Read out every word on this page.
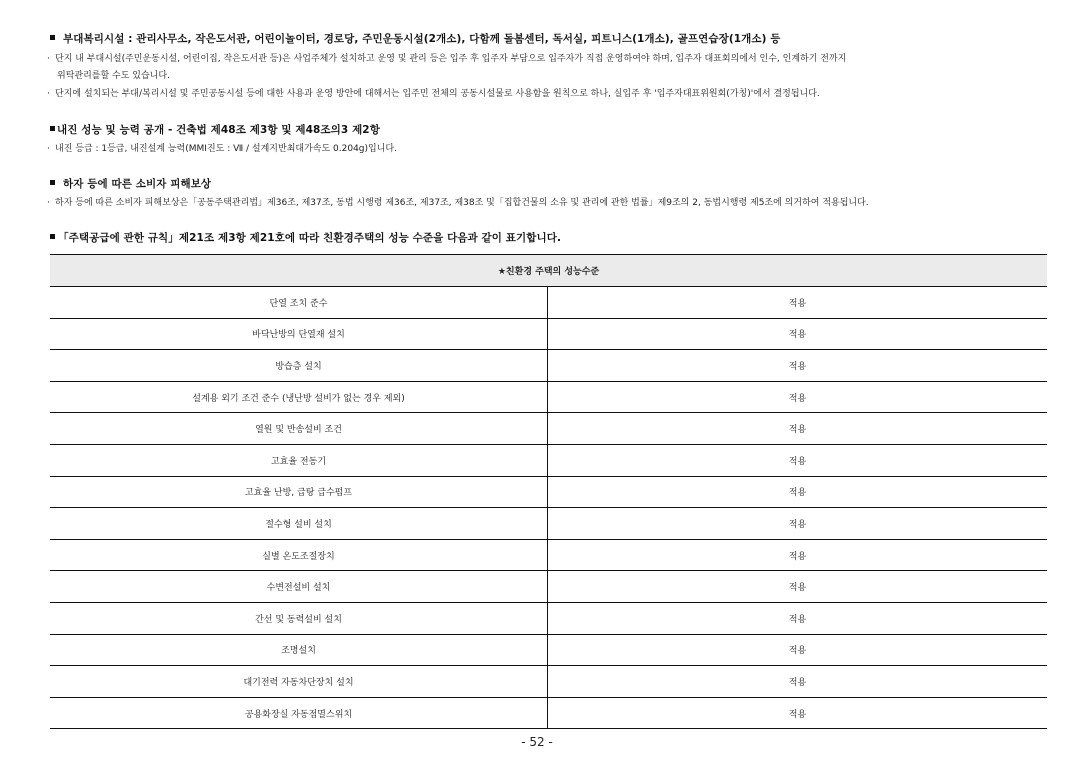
부대복리시설 : 관리사무소, 작은도서관, 어린이놀이터, 경로당, 주민운동시설(2개소), 다함께 돌봄센터, 독서실, 피트니스(1개소), 골프연습장(1개소) 등
· 단지 내 부대시설(주민운동시설, 어린이집, 작은도서관 등)은 사업주체가 설치하고 운영 및 관리 등은 입주 후 입주자 부담으로 입주자가 직접 운영하여야 하며, 입주자 대표회의에서 인수, 인계하기 전까지
위탁관리를할 수도 있습니다.
· 단지에 설치되는 부대/복리시설 및 주민공동시설 등에 대한 사용과 운영 방안에 대해서는 입주민 전체의 공동시설물로 사용함을 원칙으로 하나, 실입주 후 '입주자대표위원회(가칭)'에서 결정됩니다.
내진 성능 및 능력 공개 - 건축법 제48조 제3항 및 제48조의3 제2항
· 내진 등급 : 1등급, 내진설계 능력(MMI진도 : Ⅶ / 설계지반최대가속도 0.204g)입니다.
하자 등에 따른 소비자 피해보상
· 하자 등에 따른 소비자 피해보상은「공동주택관리법」제36조, 제37조, 동법 시행령 제36조, 제37조, 제38조 및「집합건물의 소유 및 관리에 관한 법률」제9조의 2, 동법시행령 제5조에 의거하여 적용됩니다.
「주택공급에 관한 규칙」제21조 제3항 제21호에 따라 친환경주택의 성능 수준을 다음과 같이 표기합니다.
★친환경 주택의 성능수준	
단열 조치 준수	적용
바닥난방의 단열재 설치	적용
방습층 설치	적용
설계용 외기 조건 준수 (냉난방 설비가 없는 경우 제외)	적용
열원 및 반송설비 조건	적용
고효율 전동기	적용
고효율 난방, 급탕 급수펌프	적용
절수형 설비 설치	적용
실별 온도조절장치	적용
수변전설비 설치	적용
간선 및 동력설비 설치	적용
조명설치	적용
대기전력 자동차단장치 설치	적용
공용화장실 자동점멸스위치	적용
- 52 -
